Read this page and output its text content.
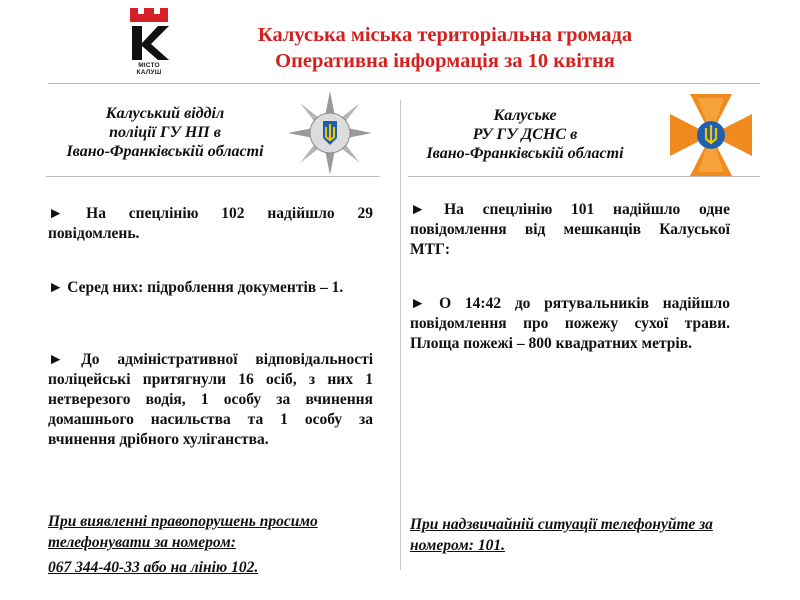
МІСТО
КАЛУШ
Калуська міська територіальна громада
Оперативна інформація за 10 квітня
Калуський відділ
поліції ГУ НП в
Івано-Франківській області
► На спецлінію 102 надійшло 29 повідомлень.
► Серед них: підроблення документів – 1.
► До адміністративної відповідальності поліцейські притягнули 16 осіб, з них 1 нетверезого водія, 1 особу за вчинення домашнього насильства та 1 особу за вчинення дрібного хуліганства.
При виявленні правопорушень просимо телефонувати за номером:
067 344-40-33 або на лінію 102.
Калуське
РУ ГУ ДСНС в
Івано-Франківській області
► На спецлінію 101 надійшло одне повідомлення від мешканців Калуської МТГ:
► О 14:42 до рятувальників надійшло повідомлення про пожежу сухої трави. Площа пожежі – 800 квадратних метрів.
При надзвичайній ситуації телефонуйте за номером: 101.
